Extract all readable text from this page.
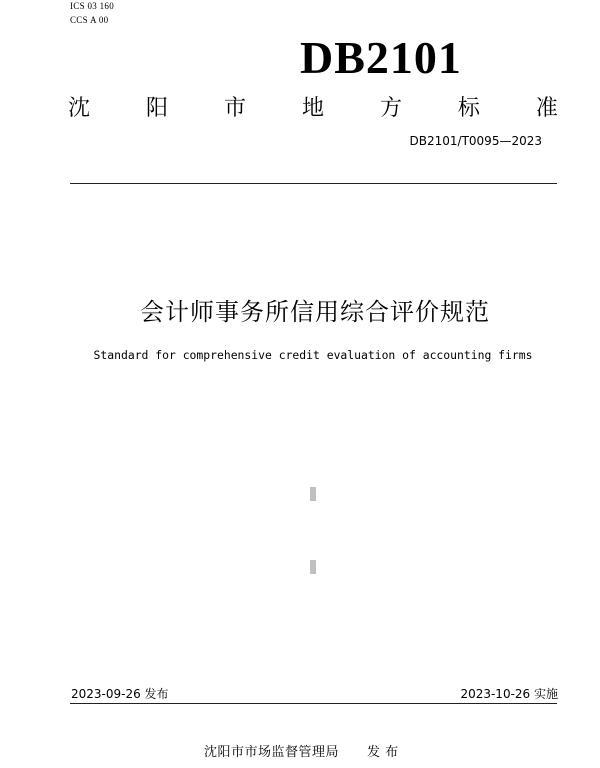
ICS 03 160
CCS A 00
DB2101
沈	阳	市	地	方	标	准
DB2101/T0095—2023
会计师事务所信用综合评价规范
Standard for comprehensive credit evaluation of accounting firms
2023-09-26 发布	2023-10-26 实施
沈阳市市场监督管理局 发 布
